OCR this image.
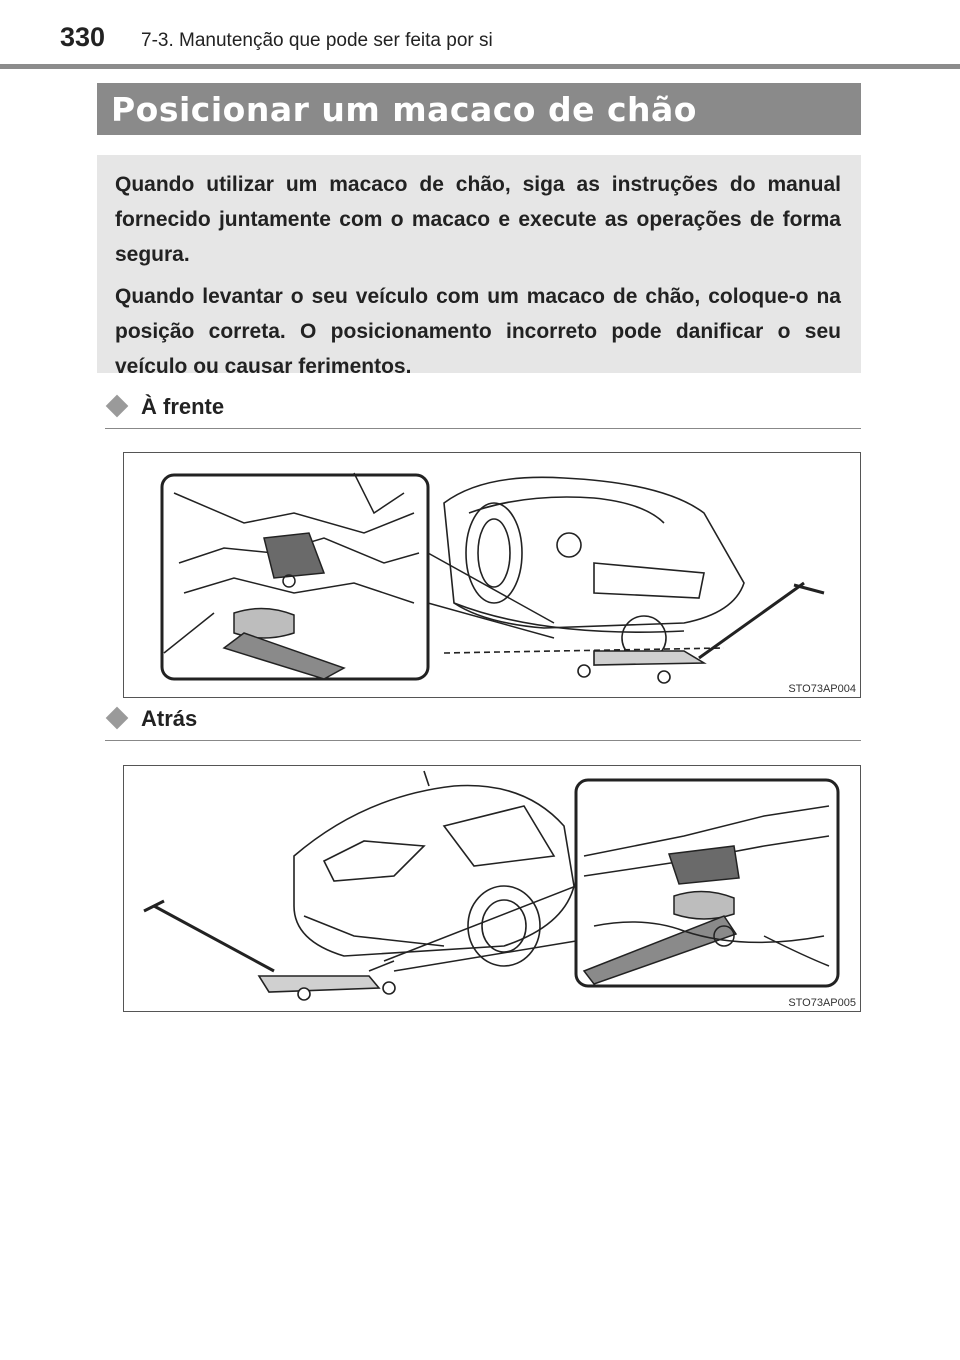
330 7-3. Manutenção que pode ser feita por si
Posicionar um macaco de chão

Quando utilizar um macaco de chão, siga as instruções do manual fornecido juntamente com o macaco e execute as operações de forma segura.

Quando levantar o seu veículo com um macaco de chão, coloque-o na posição correta. O posicionamento incorreto pode danificar o seu veículo ou causar ferimentos.

À frente
STO73AP004
Atrás
STO73AP005
